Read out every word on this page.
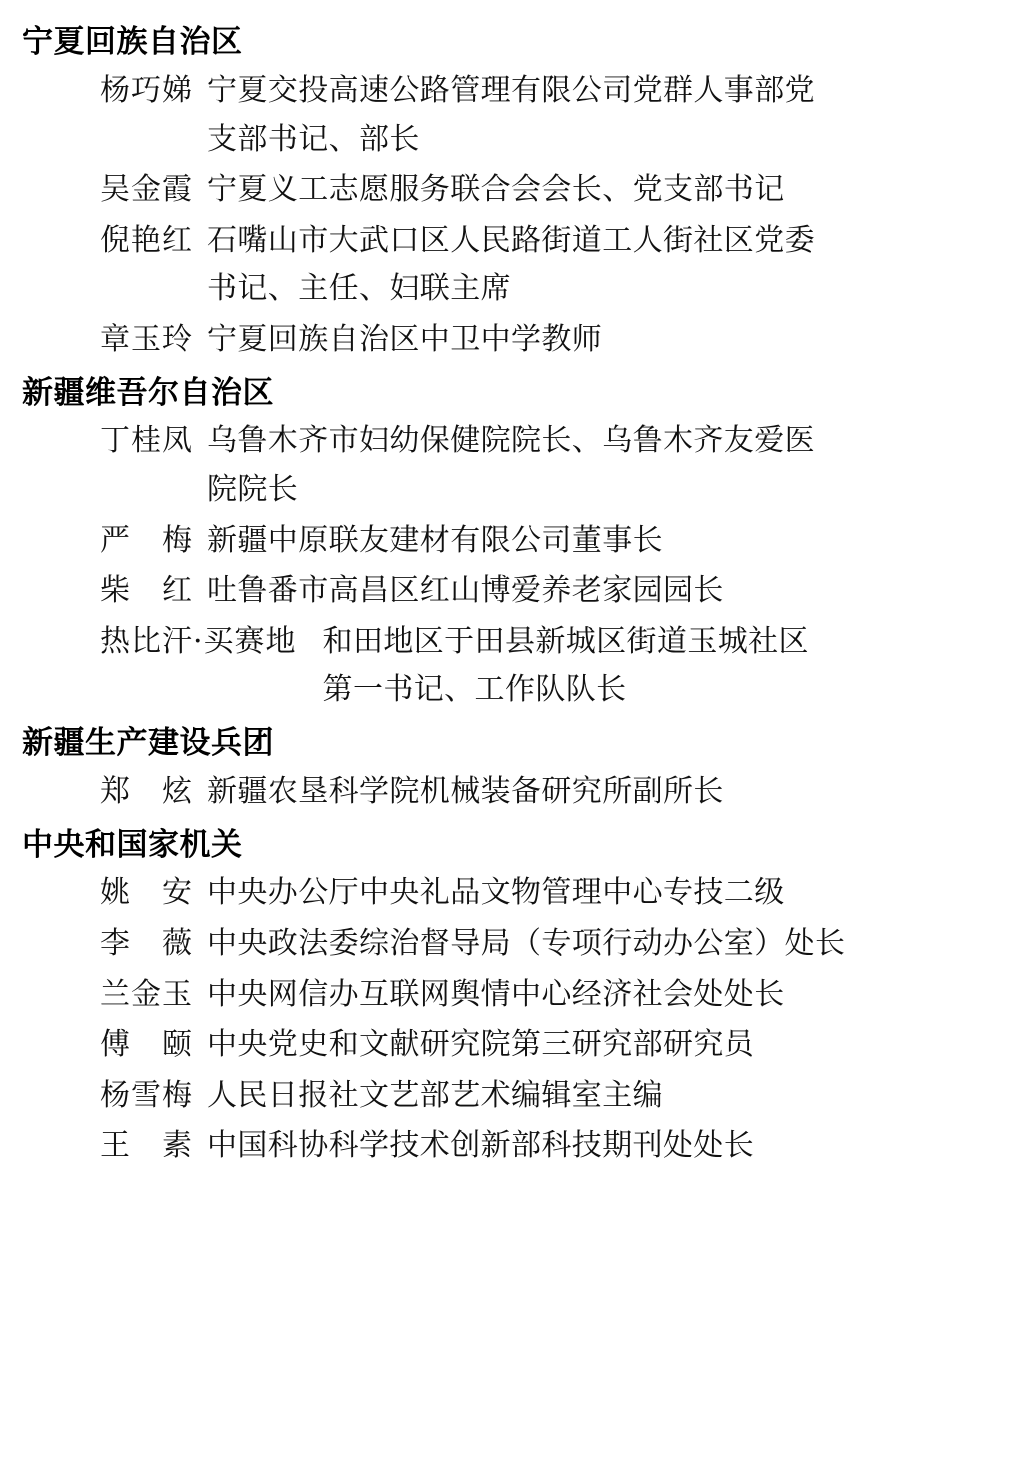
宁夏回族自治区
杨巧娣 宁夏交投高速公路管理有限公司党群人事部党
支部书记、部长
吴金霞 宁夏义工志愿服务联合会会长、党支部书记
倪艳红 石嘴山市大武口区人民路街道工人街社区党委
书记、主任、妇联主席
章玉玲 宁夏回族自治区中卫中学教师
新疆维吾尔自治区
丁桂凤 乌鲁木齐市妇幼保健院院长、乌鲁木齐友爱医
院院长
严　梅 新疆中原联友建材有限公司董事长
柴　红 吐鲁番市高昌区红山博爱养老家园园长
热比汗·买赛地 和田地区于田县新城区街道玉城社区
第一书记、工作队队长
新疆生产建设兵团
郑　炫 新疆农垦科学院机械装备研究所副所长
中央和国家机关
姚　安 中央办公厅中央礼品文物管理中心专技二级
李　薇 中央政法委综治督导局（专项行动办公室）处长
兰金玉 中央网信办互联网舆情中心经济社会处处长
傅　颐 中央党史和文献研究院第三研究部研究员
杨雪梅 人民日报社文艺部艺术编辑室主编
王　素 中国科协科学技术创新部科技期刊处处长
